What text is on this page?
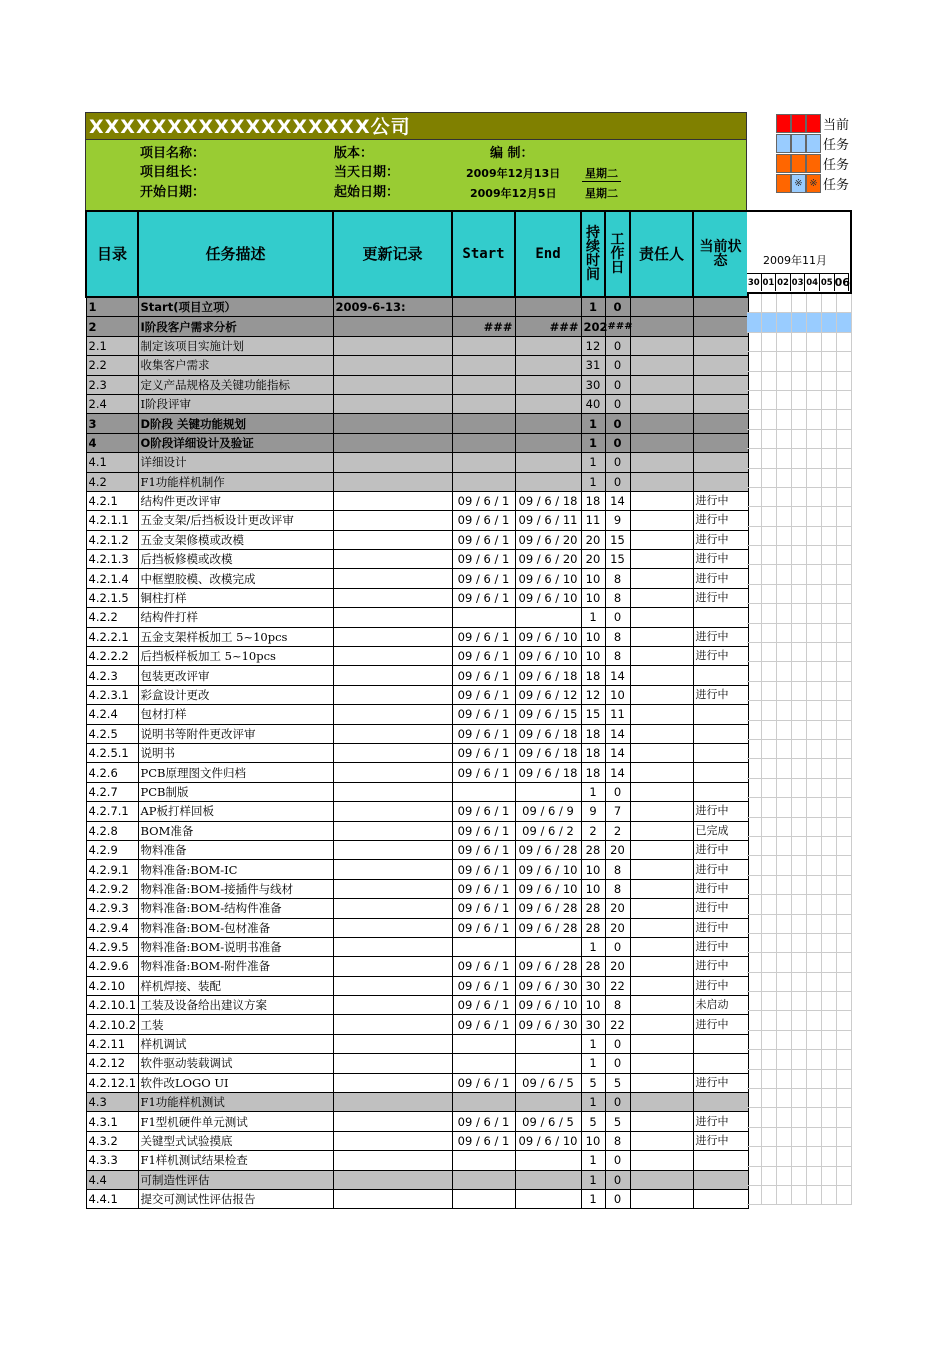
XXXXXXXXXXXXXXXXXX公司
项目名称：	版本：	编 制：
项目组长：	当天日期：	2009年12月13日 星期二
开始日期：	起始日期：	2009年12月5日	星期二
目录	任务描述	更新记录	Start	End	持续时间	工作日	责任人	当前状态
1	Start(项目立项）	2009-6-13:			1	0		
2	I阶段客户需求分析		###	###	202	###		
2.1	制定该项目实施计划				12	0		
2.2	收集客户需求				31	0		
2.3	定义产品规格及关键功能指标				30	0		
2.4	I阶段评审				40	0		
3	D阶段 关键功能规划				1	0		
4	O阶段详细设计及验证				1	0		
4.1	详细设计				1	0		
4.2	F1功能样机制作				1	0		
4.2.1	结构件更改评审		09 / 6 / 1	09 / 6 / 18	18	14		进行中
4.2.1.1	五金支架/后挡板设计更改评审		09 / 6 / 1	09 / 6 / 11	11	9		进行中
4.2.1.2	五金支架修模或改模		09 / 6 / 1	09 / 6 / 20	20	15		进行中
4.2.1.3	后挡板修模或改模		09 / 6 / 1	09 / 6 / 20	20	15		进行中
4.2.1.4	中框塑胶模、改模完成		09 / 6 / 1	09 / 6 / 10	10	8		进行中
4.2.1.5	铜柱打样		09 / 6 / 1	09 / 6 / 10	10	8		进行中
4.2.2	结构件打样				1	0		
4.2.2.1	五金支架样板加工 5~10pcs		09 / 6 / 1	09 / 6 / 10	10	8		进行中
4.2.2.2	后挡板样板加工 5~10pcs		09 / 6 / 1	09 / 6 / 10	10	8		进行中
4.2.3	包装更改评审		09 / 6 / 1	09 / 6 / 18	18	14		
4.2.3.1	彩盒设计更改		09 / 6 / 1	09 / 6 / 12	12	10		进行中
4.2.4	包材打样		09 / 6 / 1	09 / 6 / 15	15	11		
4.2.5	说明书等附件更改评审		09 / 6 / 1	09 / 6 / 18	18	14		
4.2.5.1	说明书		09 / 6 / 1	09 / 6 / 18	18	14		
4.2.6	PCB原理图文件归档		09 / 6 / 1	09 / 6 / 18	18	14		
4.2.7	PCB制版				1	0		
4.2.7.1	AP板打样回板		09 / 6 / 1	09 / 6 / 9	9	7		进行中
4.2.8	BOM准备		09 / 6 / 1	09 / 6 / 2	2	2		已完成
4.2.9	物料准备		09 / 6 / 1	09 / 6 / 28	28	20		进行中
4.2.9.1	物料准备:BOM-IC		09 / 6 / 1	09 / 6 / 10	10	8		进行中
4.2.9.2	物料准备:BOM-接插件与线材		09 / 6 / 1	09 / 6 / 10	10	8		进行中
4.2.9.3	物料准备:BOM-结构件准备		09 / 6 / 1	09 / 6 / 28	28	20		进行中
4.2.9.4	物料准备:BOM-包材准备		09 / 6 / 1	09 / 6 / 28	28	20		进行中
4.2.9.5	物料准备:BOM-说明书准备				1	0		进行中
4.2.9.6	物料准备:BOM-附件准备		09 / 6 / 1	09 / 6 / 28	28	20		进行中
4.2.10	样机焊接、装配		09 / 6 / 1	09 / 6 / 30	30	22		进行中
4.2.10.1	工装及设备给出建议方案		09 / 6 / 1	09 / 6 / 10	10	8		未启动
4.2.10.2	工装		09 / 6 / 1	09 / 6 / 30	30	22		进行中
4.2.11	样机调试				1	0		
4.2.12	软件驱动装载调试				1	0		
4.2.12.1	软件改LOGO UI		09 / 6 / 1	09 / 6 / 5	5	5		进行中
4.3	F1功能样机测试				1	0		
4.3.1	F1型机硬件单元测试		09 / 6 / 1	09 / 6 / 5	5	5		进行中
4.3.2	关键型式试验摸底		09 / 6 / 1	09 / 6 / 10	10	8		进行中
4.3.3	F1样机测试结果检查				1	0		
4.4	可制造性评估				1	0		
4.4.1	提交可测试性评估报告				1	0		
当前
任务
任务
※ ※ 任务
2009年11月
30 01 02 03 04 05 06
